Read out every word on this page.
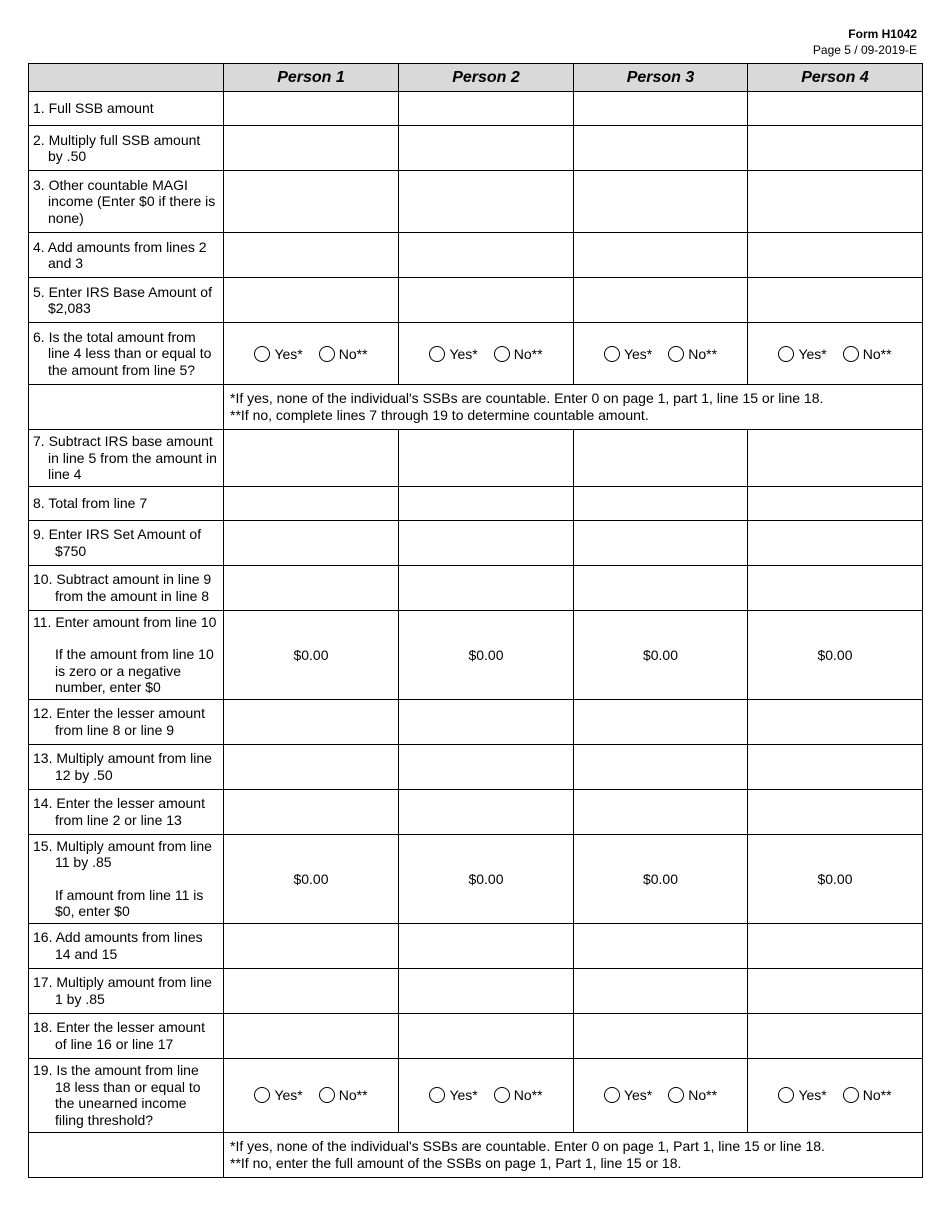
Form H1042
Page 5 / 09-2019-E
	Person 1	Person 2	Person 3	Person 4

1. Full SSB amount

2. Multiply full SSB amount by .50

3. Other countable MAGI income (Enter $0 if there is none)

4. Add amounts from lines 2 and 3

5. Enter IRS Base Amount of $2,083

6. Is the total amount from line 4 less than or equal to the amount from line 5?	Yes* No**	Yes* No**	Yes* No**	Yes* No**

	*If yes, none of the individual's SSBs are countable. Enter 0 on page 1, part 1, line 15 or line 18.
**If no, complete lines 7 through 19 to determine countable amount.			

7. Subtract IRS base amount in line 5 from the amount in line 4

8. Total from line 7

9. Enter IRS Set Amount of $750

10. Subtract amount in line 9 from the amount in line 8

11. Enter amount from line 10
If the amount from line 10 is zero or a negative number, enter $0	$0.00	$0.00	$0.00	$0.00

12. Enter the lesser amount from line 8 or line 9

13. Multiply amount from line 12 by .50

14. Enter the lesser amount from line 2 or line 13

15. Multiply amount from line 11 by .85
If amount from line 11 is $0, enter $0	$0.00	$0.00	$0.00	$0.00

16. Add amounts from lines 14 and 15

17. Multiply amount from line 1 by .85

18. Enter the lesser amount of line 16 or line 17

19. Is the amount from line 18 less than or equal to the unearned income filing threshold?	Yes* No**	Yes* No**	Yes* No**	Yes* No**

	*If yes, none of the individual's SSBs are countable. Enter 0 on page 1, Part 1, line 15 or line 18.
**If no, enter the full amount of the SSBs on page 1, Part 1, line 15 or 18.			
